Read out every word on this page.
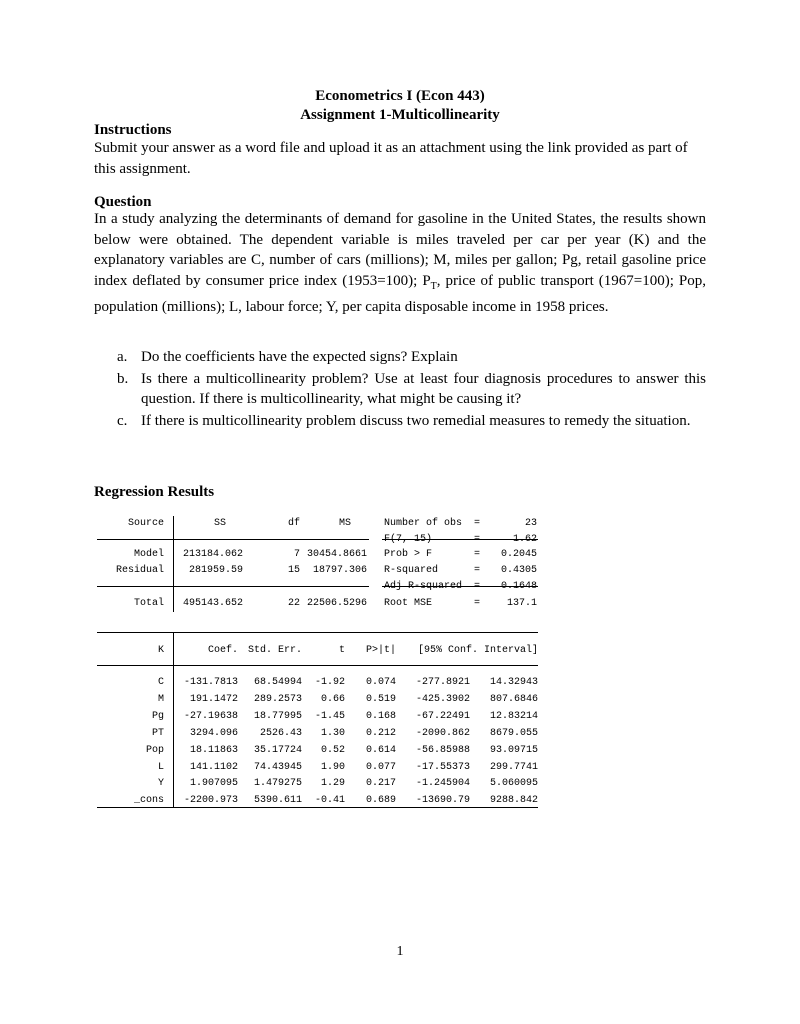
Econometrics I (Econ 443)
Assignment 1-Multicollinearity
Instructions
Submit your answer as a word file and upload it as an attachment using the link provided as part of this assignment.
Question
In a study analyzing the determinants of demand for gasoline in the United States, the results shown below were obtained. The dependent variable is miles traveled per car per year (K) and the explanatory variables are C, number of cars (millions); M, miles per gallon; Pg, retail gasoline price index deflated by consumer price index (1953=100); $P_T$, price of public transport (1967=100); Pop, population (millions); L, labour force; Y, per capita disposable income in 1958 prices.
a. Do the coefficients have the expected signs? Explain
b. Is there a multicollinearity problem? Use at least four diagnosis procedures to answer this question. If there is multicollinearity, what might be causing it?
c. If there is multicollinearity problem discuss two remedial measures to remedy the situation.
Regression Results
Source	SS	df	MS
Model	213184.062	7 30454.8661
Residual	281959.59	15	18797.306
Total	495143.652	22 22506.5296
Number of obs	=	23
F(7, 15)	=	1.62
Prob > F	=	0.2045
R-squared	=	0.4305
Adj R-squared	=	0.1648
Root MSE	=	137.1
K	Coef. Std. Err.	t	P>|t|	[95% Conf. Interval]
C	-131.7813	68.54994	-1.92	0.074	-277.8921	14.32943
M	191.1472	289.2573	0.66	0.519	-425.3902	807.6846
Pg	-27.19638	18.77995	-1.45	0.168	-67.22491	12.83214
PT	3294.096	2526.43	1.30	0.212	-2090.862	8679.055
Pop	18.11863	35.17724	0.52	0.614	-56.85988	93.09715
L	141.1102	74.43945	1.90	0.077	-17.55373	299.7741
Y	1.907095	1.479275	1.29	0.217	-1.245904	5.060095
_cons	-2200.973	5390.611	-0.41	0.689	-13690.79	9288.842
1
